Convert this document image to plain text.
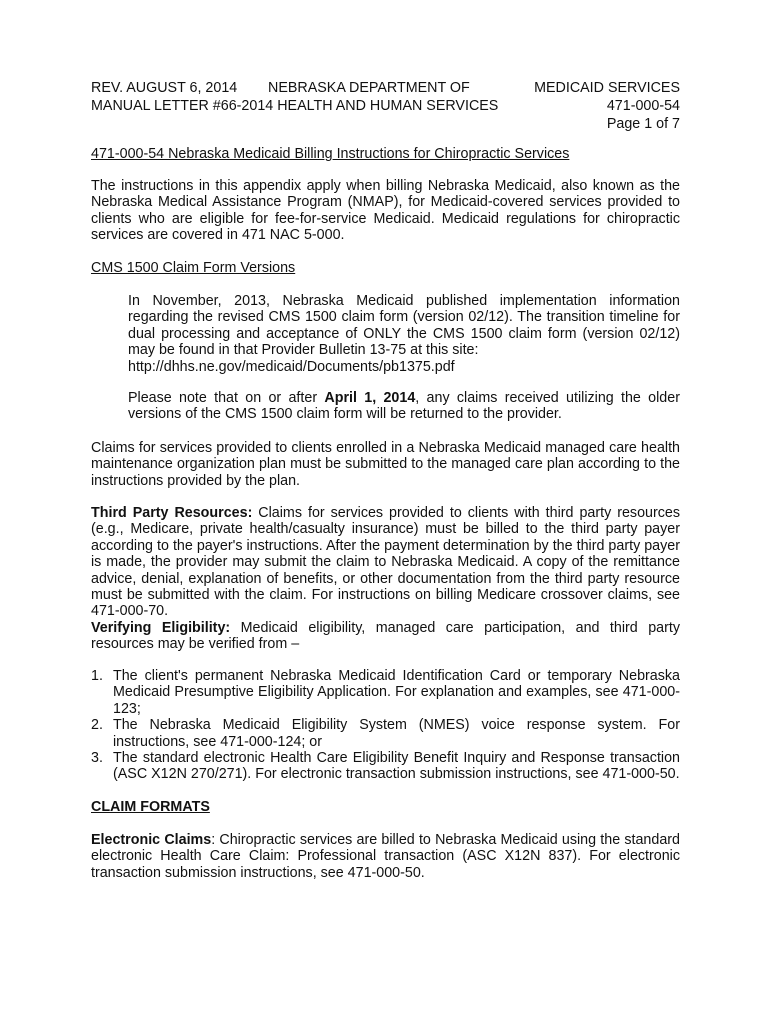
REV. AUGUST 6, 2014 NEBRASKA DEPARTMENT OF
MANUAL LETTER #66-2014 HEALTH AND HUMAN SERVICES
MEDICAID SERVICES
471-000-54
Page 1 of 7
471-000-54 Nebraska Medicaid Billing Instructions for Chiropractic Services

The instructions in this appendix apply when billing Nebraska Medicaid, also known as the Nebraska Medical Assistance Program (NMAP), for Medicaid-covered services provided to clients who are eligible for fee-for-service Medicaid. Medicaid regulations for chiropractic services are covered in 471 NAC 5-000.

CMS 1500 Claim Form Versions

In November, 2013, Nebraska Medicaid published implementation information regarding the revised CMS 1500 claim form (version 02/12). The transition timeline for dual processing and acceptance of ONLY the CMS 1500 claim form (version 02/12) may be found in that Provider Bulletin 13-75 at this site:

http://dhhs.ne.gov/medicaid/Documents/pb1375.pdf

Please note that on or after April 1, 2014, any claims received utilizing the older versions of the CMS 1500 claim form will be returned to the provider.

Claims for services provided to clients enrolled in a Nebraska Medicaid managed care health maintenance organization plan must be submitted to the managed care plan according to the instructions provided by the plan.

Third Party Resources: Claims for services provided to clients with third party resources (e.g., Medicare, private health/casualty insurance) must be billed to the third party payer according to the payer's instructions. After the payment determination by the third party payer is made, the provider may submit the claim to Nebraska Medicaid. A copy of the remittance advice, denial, explanation of benefits, or other documentation from the third party resource must be submitted with the claim. For instructions on billing Medicare crossover claims, see 471-000-70.

Verifying Eligibility: Medicaid eligibility, managed care participation, and third party resources may be verified from –

1. The client's permanent Nebraska Medicaid Identification Card or temporary Nebraska Medicaid Presumptive Eligibility Application. For explanation and examples, see 471-000-123;
2. The Nebraska Medicaid Eligibility System (NMES) voice response system. For instructions, see 471-000-124; or
3. The standard electronic Health Care Eligibility Benefit Inquiry and Response transaction (ASC X12N 270/271). For electronic transaction submission instructions, see 471-000-50.
CLAIM FORMATS

Electronic Claims: Chiropractic services are billed to Nebraska Medicaid using the standard electronic Health Care Claim: Professional transaction (ASC X12N 837). For electronic transaction submission instructions, see 471-000-50.
